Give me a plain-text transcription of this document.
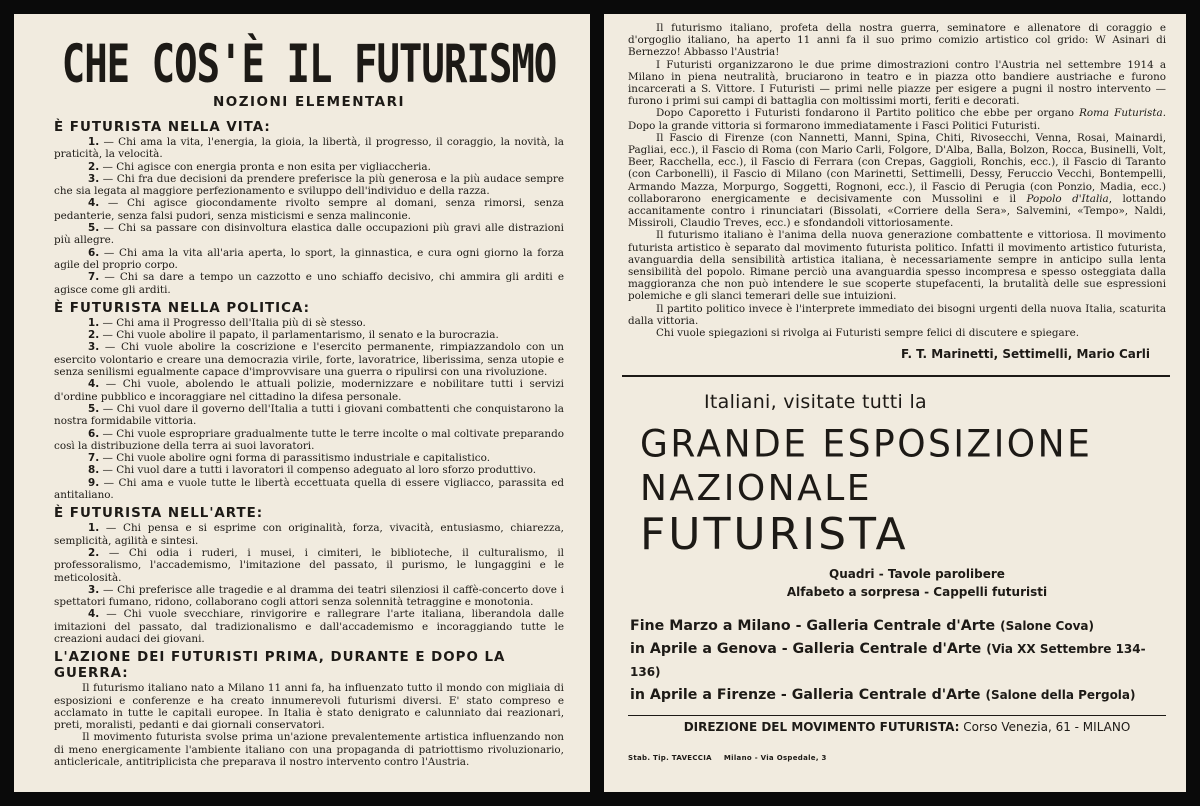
CHE COS'È IL FUTURISMO
NOZIONI ELEMENTARI
È FUTURISTA NELLA VITA:
1. — Chi ama la vita, l'energia, la gioia, la libertà, il progresso, il coraggio, la novità, la praticità, la velocità.
2. — Chi agisce con energia pronta e non esita per vigliaccheria.
3. — Chi fra due decisioni da prendere preferisce la più generosa e la più audace sempre che sia legata al maggiore perfezionamento e sviluppo dell'individuo e della razza.
4. — Chi agisce giocondamente rivolto sempre al domani, senza rimorsi, senza pedanterie, senza falsi pudori, senza misticismi e senza malinconie.
5. — Chi sa passare con disinvoltura elastica dalle occupazioni più gravi alle distrazioni più allegre.
6. — Chi ama la vita all'aria aperta, lo sport, la ginnastica, e cura ogni giorno la forza agile del proprio corpo.
7. — Chi sa dare a tempo un cazzotto e uno schiaffo decisivo, chi ammira gli arditi e agisce come gli arditi.
È FUTURISTA NELLA POLITICA:
1. — Chi ama il Progresso dell'Italia più di sè stesso.
2. — Chi vuole abolire il papato, il parlamentarismo, il senato e la burocrazia.
3. — Chi vuole abolire la coscrizione e l'esercito permanente, rimpiazzandolo con un esercito volontario e creare una democrazia virile, forte, lavoratrice, liberissima, senza utopie e senza senilismi egualmente capace d'improvvisare una guerra o ripulirsi con una rivoluzione.
4. — Chi vuole, abolendo le attuali polizie, modernizzare e nobilitare tutti i servizi d'ordine pubblico e incoraggiare nel cittadino la difesa personale.
5. — Chi vuol dare il governo dell'Italia a tutti i giovani combattenti che conquistarono la nostra formidabile vittoria.
6. — Chi vuole espropriare gradualmente tutte le terre incolte o mal coltivate preparando così la distribuzione della terra ai suoi lavoratori.
7. — Chi vuole abolire ogni forma di parassitismo industriale e capitalistico.
8. — Chi vuol dare a tutti i lavoratori il compenso adeguato al loro sforzo produttivo.
9. — Chi ama e vuole tutte le libertà eccettuata quella di essere vigliacco, parassita ed antitaliano.
È FUTURISTA NELL'ARTE:
1. — Chi pensa e si esprime con originalità, forza, vivacità, entusiasmo, chiarezza, semplicità, agilità e sintesi.
2. — Chi odia i ruderi, i musei, i cimiteri, le biblioteche, il culturalismo, il professoralismo, l'accademismo, l'imitazione del passato, il purismo, le lungaggini e le meticolosità.
3. — Chi preferisce alle tragedie e al dramma dei teatri silenziosi il caffè-concerto dove i spettatori fumano, ridono, collaborano cogli attori senza solennità tetraggine e monotonia.
4. — Chi vuole svecchiare, rinvigorire e rallegrare l'arte italiana, liberandola dalle imitazioni del passato, dal tradizionalismo e dall'accademismo e incoraggiando tutte le creazioni audaci dei giovani.
L'AZIONE DEI FUTURISTI PRIMA, DURANTE E DOPO LA GUERRA:
Il futurismo italiano nato a Milano 11 anni fa, ha influenzato tutto il mondo con migliaia di esposizioni e conferenze e ha creato innumerevoli futurismi diversi. E' stato compreso e acclamato in tutte le capitali europee. In Italia è stato denigrato e calunniato dai reazionari, preti, moralisti, pedanti e dai giornali conservatori.
Il movimento futurista svolse prima un'azione prevalentemente artistica influenzando non di meno energicamente l'ambiente italiano con una propaganda di patriottismo rivoluzionario, anticlericale, antitriplicista che preparava il nostro intervento contro l'Austria.
Il futurismo italiano, profeta della nostra guerra, seminatore e allenatore di coraggio e d'orgoglio italiano, ha aperto 11 anni fa il suo primo comizio artistico col grido: W Asinari di Bernezzo! Abbasso l'Austria!
I Futuristi organizzarono le due prime dimostrazioni contro l'Austria nel settembre 1914 a Milano in piena neutralità, bruciarono in teatro e in piazza otto bandiere austriache e furono incarcerati a S. Vittore. I Futuristi — primi nelle piazze per esigere a pugni il nostro intervento — furono i primi sui campi di battaglia con moltissimi morti, feriti e decorati.
Dopo Caporetto i Futuristi fondarono il Partito politico che ebbe per organo Roma Futurista. Dopo la grande vittoria si formarono immediatamente i Fasci Politici Futuristi.
Il Fascio di Firenze (con Nannetti, Manni, Spina, Chiti, Rivosecchi, Venna, Rosai, Mainardi, Pagliai, ecc.), il Fascio di Roma (con Mario Carli, Folgore, D'Alba, Balla, Bolzon, Rocca, Businelli, Volt, Beer, Racchella, ecc.), il Fascio di Ferrara (con Crepas, Gaggioli, Ronchis, ecc.), il Fascio di Taranto (con Carbonelli), il Fascio di Milano (con Marinetti, Settimelli, Dessy, Feruccio Vecchi, Bontempelli, Armando Mazza, Morpurgo, Soggetti, Rognoni, ecc.), il Fascio di Perugia (con Ponzio, Madia, ecc.) collaborarono energicamente e decisivamente con Mussolini e il Popolo d'Italia, lottando accanitamente contro i rinunciatari (Bissolati, «Corriere della Sera», Salvemini, «Tempo», Naldi, Missiroli, Claudio Treves, ecc.) e sfondandoli vittoriosamente.
Il futurismo italiano è l'anima della nuova generazione combattente e vittoriosa. Il movimento futurista artistico è separato dal movimento futurista politico. Infatti il movimento artistico futurista, avanguardia della sensibilità artistica italiana, è necessariamente sempre in anticipo sulla lenta sensibilità del popolo. Rimane perciò una avanguardia spesso incompresa e spesso osteggiata dalla maggioranza che non può intendere le sue scoperte stupefacenti, la brutalità delle sue espressioni polemiche e gli slanci temerari delle sue intuizioni.
Il partito politico invece è l'interprete immediato dei bisogni urgenti della nuova Italia, scaturita dalla vittoria.
Chi vuole spiegazioni si rivolga ai Futuristi sempre felici di discutere e spiegare.
F. T. Marinetti, Settimelli, Mario Carli
Italiani, visitate tutti la
GRANDE ESPOSIZIONE
NAZIONALE
FUTURISTA
Quadri - Tavole parolibere
Alfabeto a sorpresa - Cappelli futuristi
Fine Marzo a Milano - Galleria Centrale d'Arte (Salone Cova)
in Aprile a Genova - Galleria Centrale d'Arte (Via XX Settembre 134-136)
in Aprile a Firenze - Galleria Centrale d'Arte (Salone della Pergola)
DIREZIONE DEL MOVIMENTO FUTURISTA: Corso Venezia, 61 - MILANO
Stab. Tip. TAVECCIA Milano - Via Ospedale, 3
